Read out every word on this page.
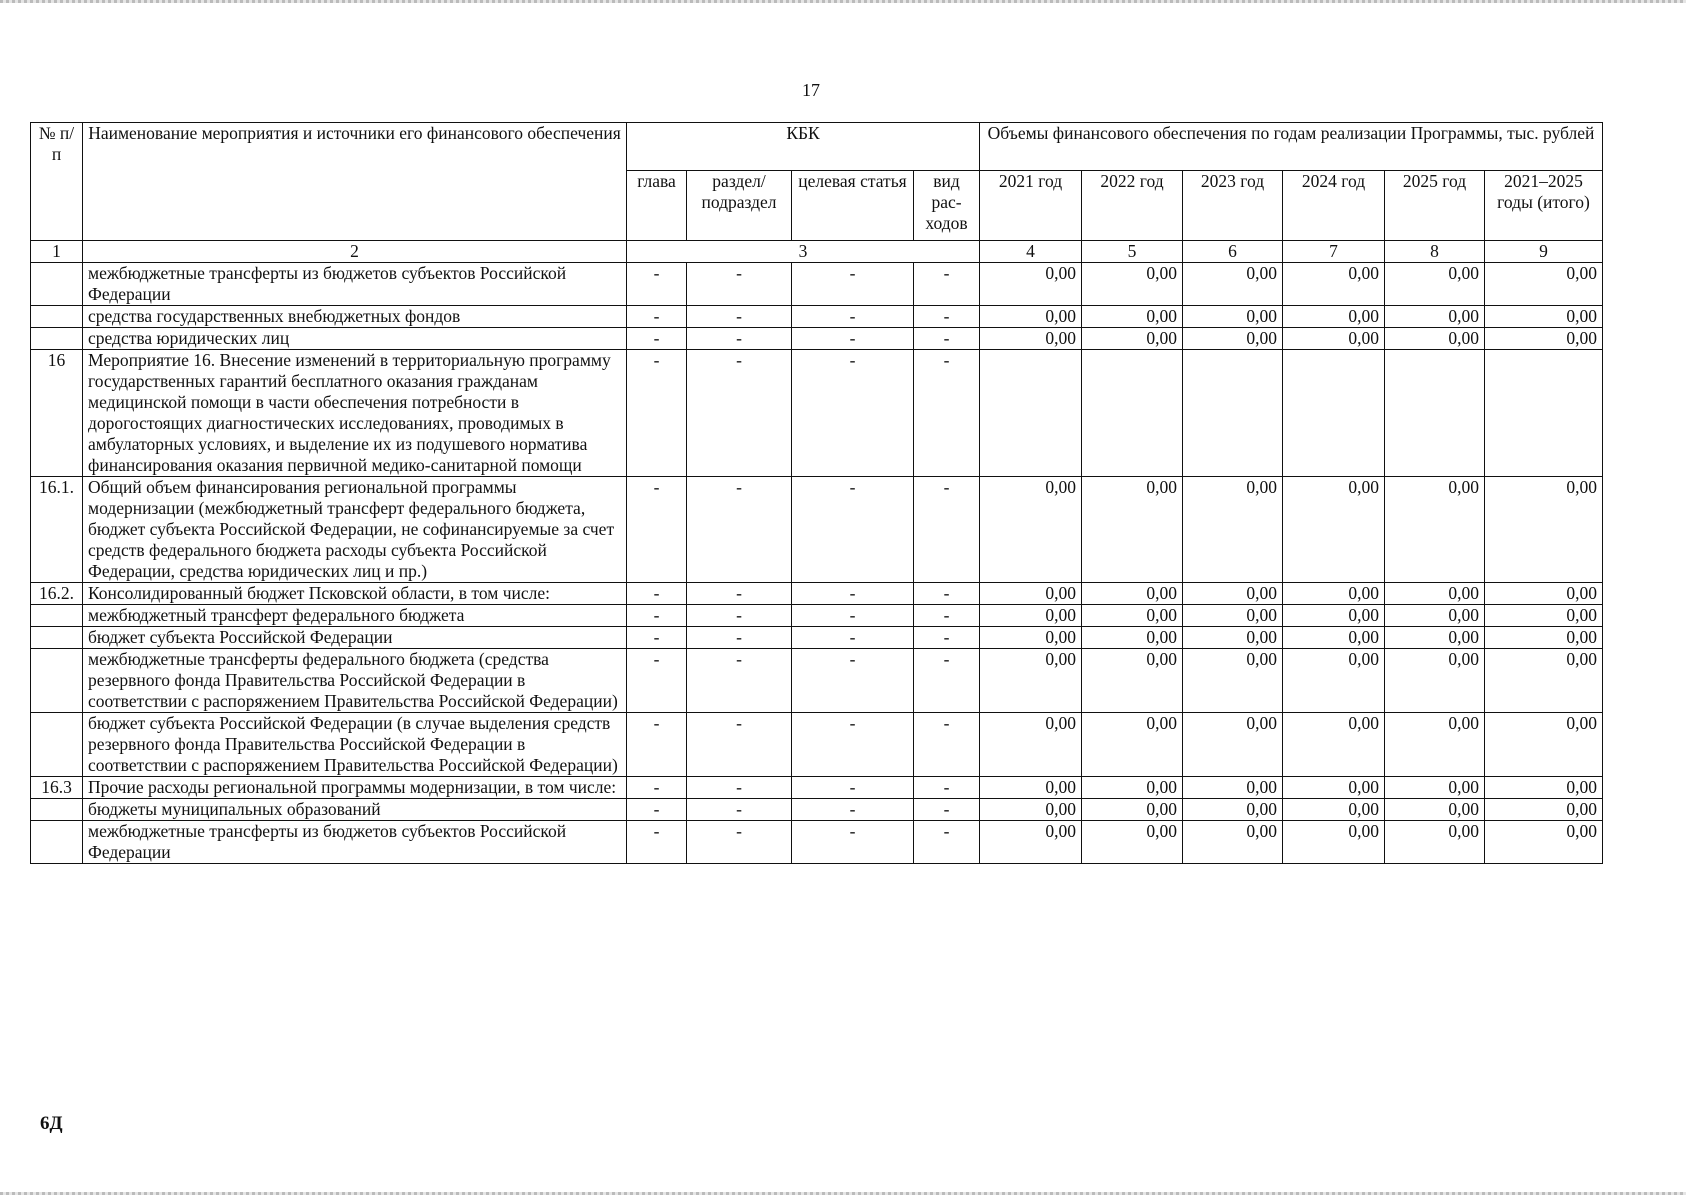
17
№ п/п	Наименование мероприятия и источники его финансового обеспечения	КБК				Объемы финансового обеспечения по годам реализации Программы, тыс. рублей					
		глава	раздел/ подраздел	целевая статья	вид рас-ходов	2021 год	2022 год	2023 год	2024 год	2025 год	2021–2025 годы (итого)
1	2	3				4	5	6	7	8	9
	межбюджетные трансферты из бюджетов субъектов Российской Федерации	-	-	-	-	0,00	0,00	0,00	0,00	0,00	0,00
	средства государственных внебюджетных фондов	-	-	-	-	0,00	0,00	0,00	0,00	0,00	0,00
	средства юридических лиц	-	-	-	-	0,00	0,00	0,00	0,00	0,00	0,00
16	Мероприятие 16. Внесение изменений в территориальную программу государственных гарантий бесплатного оказания гражданам медицинской помощи в части обеспечения потребности в дорогостоящих диагностических исследованиях, проводимых в амбулаторных условиях, и выделение их из подушевого норматива финансирования оказания первичной медико-санитарной помощи	-	-	-	-						
16.1.	Общий объем финансирования региональной программы модернизации (межбюджетный трансферт федерального бюджета, бюджет субъекта Российской Федерации, не софинансируемые за счет средств федерального бюджета расходы субъекта Российской Федерации, средства юридических лиц и пр.)	-	-	-	-	0,00	0,00	0,00	0,00	0,00	0,00
16.2.	Консолидированный бюджет Псковской области, в том числе:	-	-	-	-	0,00	0,00	0,00	0,00	0,00	0,00
	межбюджетный трансферт федерального бюджета	-	-	-	-	0,00	0,00	0,00	0,00	0,00	0,00
	бюджет субъекта Российской Федерации	-	-	-	-	0,00	0,00	0,00	0,00	0,00	0,00
	межбюджетные трансферты федерального бюджета (средства резервного фонда Правительства Российской Федерации в соответствии с распоряжением Правительства Российской Федерации)	-	-	-	-	0,00	0,00	0,00	0,00	0,00	0,00
	бюджет субъекта Российской Федерации (в случае выделения средств резервного фонда Правительства Российской Федерации в соответствии с распоряжением Правительства Российской Федерации)	-	-	-	-	0,00	0,00	0,00	0,00	0,00	0,00
16.3	Прочие расходы региональной программы модернизации, в том числе:	-	-	-	-	0,00	0,00	0,00	0,00	0,00	0,00
	бюджеты муниципальных образований	-	-	-	-	0,00	0,00	0,00	0,00	0,00	0,00
	межбюджетные трансферты из бюджетов субъектов Российской Федерации	-	-	-	-	0,00	0,00	0,00	0,00	0,00	0,00
6Д
